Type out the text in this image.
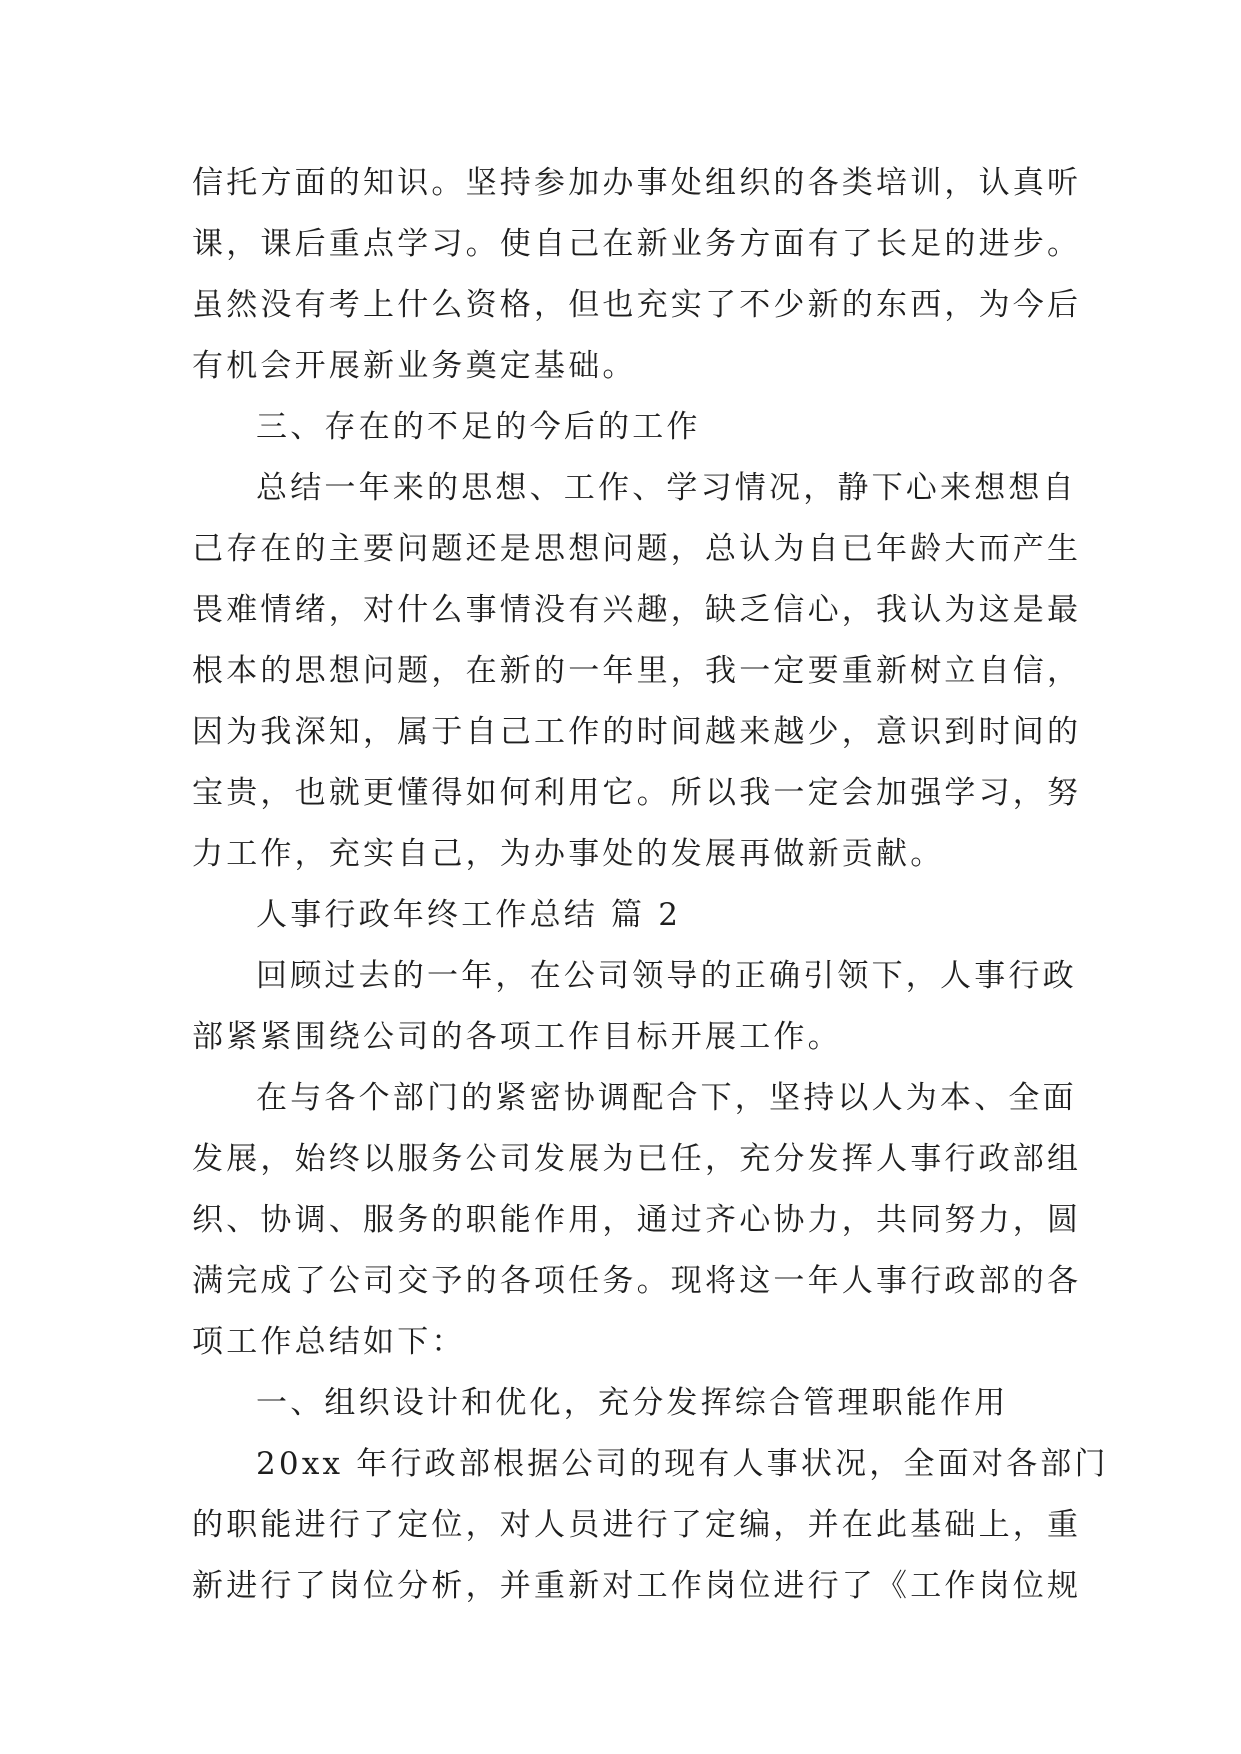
信托方面的知识。坚持参加办事处组织的各类培训，认真听
课，课后重点学习。使自己在新业务方面有了长足的进步。
虽然没有考上什么资格，但也充实了不少新的东西，为今后
有机会开展新业务奠定基础。
三、存在的不足的今后的工作
总结一年来的思想、工作、学习情况，静下心来想想自
己存在的主要问题还是思想问题，总认为自已年龄大而产生
畏难情绪，对什么事情没有兴趣，缺乏信心，我认为这是最
根本的思想问题，在新的一年里，我一定要重新树立自信，
因为我深知，属于自己工作的时间越来越少，意识到时间的
宝贵，也就更懂得如何利用它。所以我一定会加强学习，努
力工作，充实自己，为办事处的发展再做新贡献。
人事行政年终工作总结 篇 2
回顾过去的一年，在公司领导的正确引领下，人事行政
部紧紧围绕公司的各项工作目标开展工作。
在与各个部门的紧密协调配合下，坚持以人为本、全面
发展，始终以服务公司发展为已任，充分发挥人事行政部组
织、协调、服务的职能作用，通过齐心协力，共同努力，圆
满完成了公司交予的各项任务。现将这一年人事行政部的各
项工作总结如下：
一、组织设计和优化，充分发挥综合管理职能作用
20xx 年行政部根据公司的现有人事状况，全面对各部门
的职能进行了定位，对人员进行了定编，并在此基础上，重
新进行了岗位分析，并重新对工作岗位进行了《工作岗位规
